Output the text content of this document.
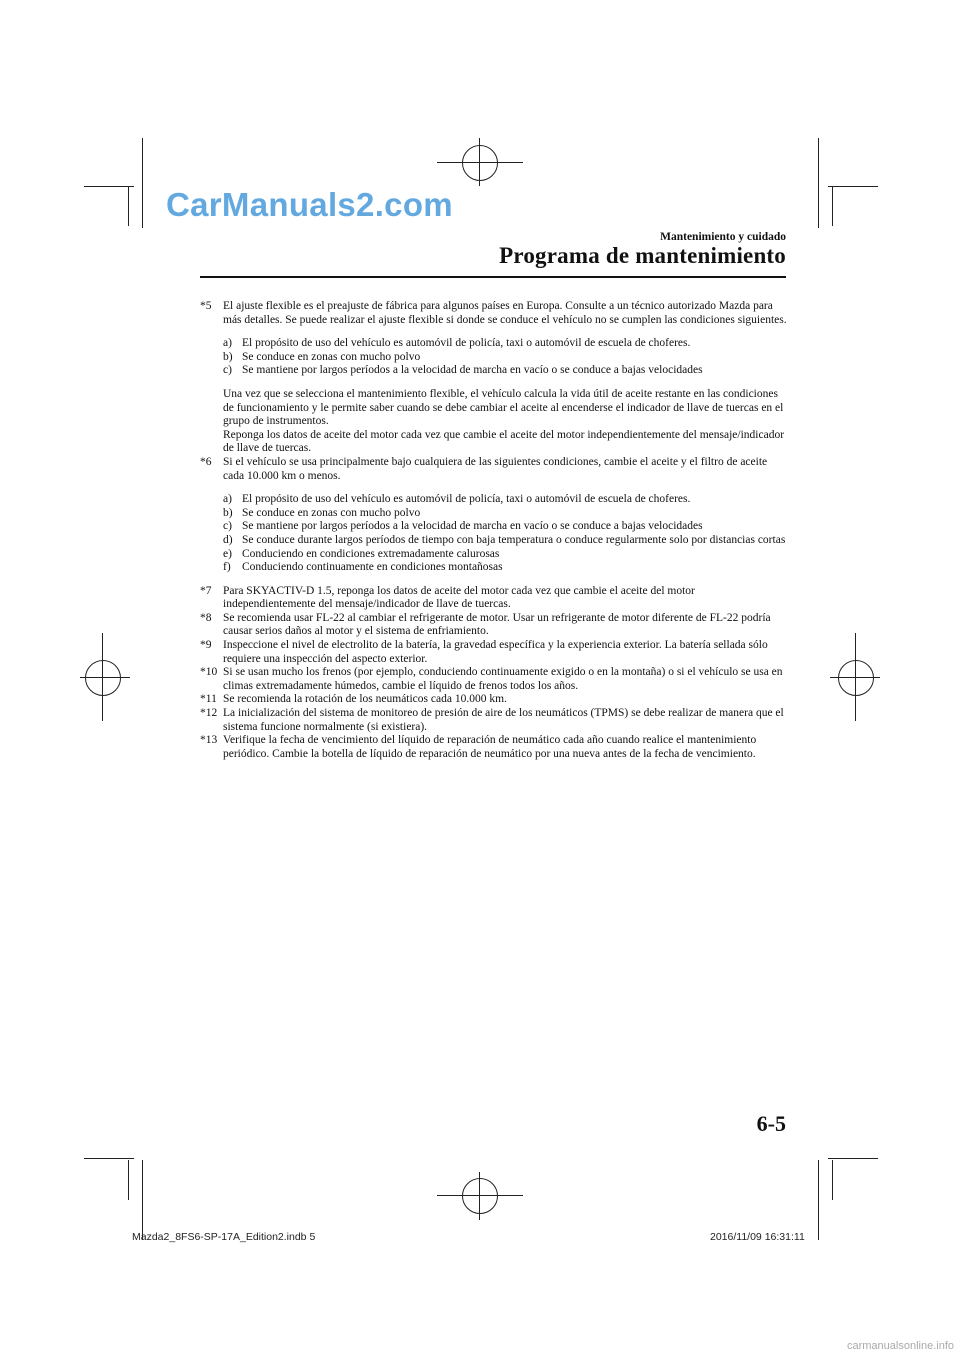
CarManuals2.com
Mantenimiento y cuidado
Programa de mantenimiento
*5 El ajuste flexible es el preajuste de fábrica para algunos países en Europa. Consulte a un técnico autorizado Mazda para más detalles. Se puede realizar el ajuste flexible si donde se conduce el vehículo no se cumplen las condiciones siguientes.
a) El propósito de uso del vehículo es automóvil de policía, taxi o automóvil de escuela de choferes.
b) Se conduce en zonas con mucho polvo
c) Se mantiene por largos períodos a la velocidad de marcha en vacío o se conduce a bajas velocidades
Una vez que se selecciona el mantenimiento flexible, el vehículo calcula la vida útil de aceite restante en las condiciones de funcionamiento y le permite saber cuando se debe cambiar el aceite al encenderse el indicador de llave de tuercas en el grupo de instrumentos.
Reponga los datos de aceite del motor cada vez que cambie el aceite del motor independientemente del mensaje/indicador de llave de tuercas.
*6 Si el vehículo se usa principalmente bajo cualquiera de las siguientes condiciones, cambie el aceite y el filtro de aceite cada 10.000 km o menos.
a) El propósito de uso del vehículo es automóvil de policía, taxi o automóvil de escuela de choferes.
b) Se conduce en zonas con mucho polvo
c) Se mantiene por largos períodos a la velocidad de marcha en vacío o se conduce a bajas velocidades
d) Se conduce durante largos períodos de tiempo con baja temperatura o conduce regularmente solo por distancias cortas
e) Conduciendo en condiciones extremadamente calurosas
f) Conduciendo continuamente en condiciones montañosas
*7 Para SKYACTIV-D 1.5, reponga los datos de aceite del motor cada vez que cambie el aceite del motor independientemente del mensaje/indicador de llave de tuercas.
*8 Se recomienda usar FL-22 al cambiar el refrigerante de motor. Usar un refrigerante de motor diferente de FL-22 podría causar serios daños al motor y el sistema de enfriamiento.
*9 Inspeccione el nivel de electrolito de la batería, la gravedad específica y la experiencia exterior. La batería sellada sólo requiere una inspección del aspecto exterior.
*10 Si se usan mucho los frenos (por ejemplo, conduciendo continuamente exigido o en la montaña) o si el vehículo se usa en climas extremadamente húmedos, cambie el líquido de frenos todos los años.
*11 Se recomienda la rotación de los neumáticos cada 10.000 km.
*12 La inicialización del sistema de monitoreo de presión de aire de los neumáticos (TPMS) se debe realizar de manera que el sistema funcione normalmente (si existiera).
*13 Verifique la fecha de vencimiento del líquido de reparación de neumático cada año cuando realice el mantenimiento periódico. Cambie la botella de líquido de reparación de neumático por una nueva antes de la fecha de vencimiento.
6-5
Mazda2_8FS6-SP-17A_Edition2.indb 5	2016/11/09 16:31:11
carmanualsonline.info
